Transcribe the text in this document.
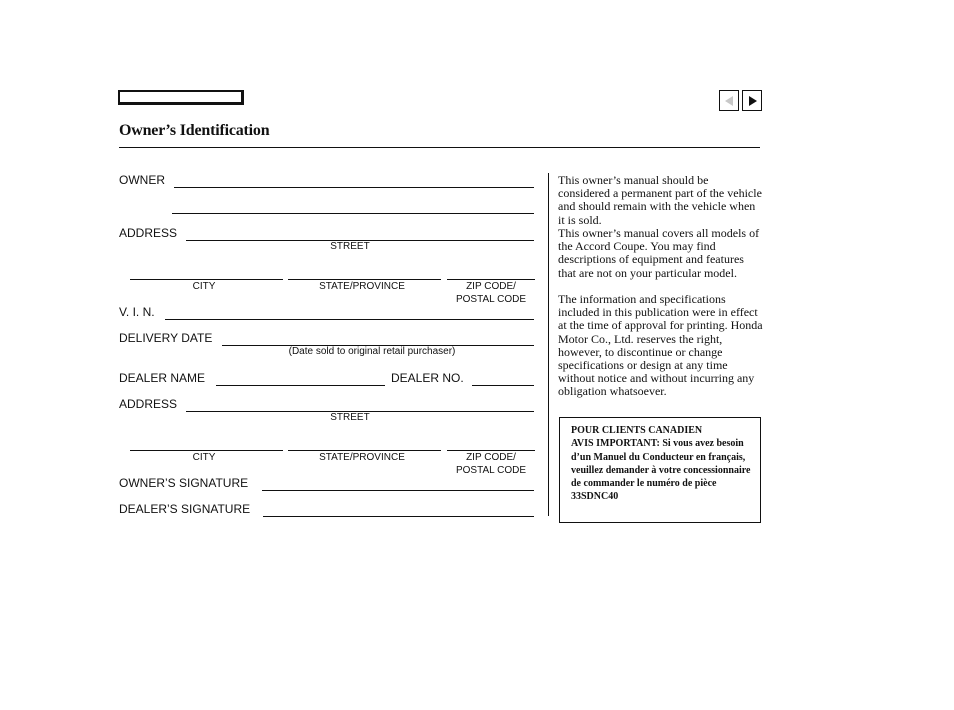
Owner’s Identification
OWNER
ADDRESS
STREET
CITY	STATE/PROVINCE	ZIP CODE/
POSTAL CODE
V. I. N.
DELIVERY DATE
(Date sold to original retail purchaser)
DEALER NAME	DEALER NO.
ADDRESS
STREET
CITY	STATE/PROVINCE	ZIP CODE/
POSTAL CODE
OWNER’S SIGNATURE
DEALER’S SIGNATURE
This owner’s manual should be considered a permanent part of the vehicle and should remain with the vehicle when it is sold.
This owner’s manual covers all models of the Accord Coupe. You may find descriptions of equipment and features that are not on your particular model.
The information and specifications included in this publication were in effect at the time of approval for printing. Honda Motor Co., Ltd. reserves the right, however, to discontinue or change specifications or design at any time without notice and without incurring any obligation whatsoever.
POUR CLIENTS CANADIEN
AVIS IMPORTANT: Si vous avez besoin d’un Manuel du Conducteur en français, veuillez demander à votre concessionnaire de commander le numéro de pièce 33SDNC40
